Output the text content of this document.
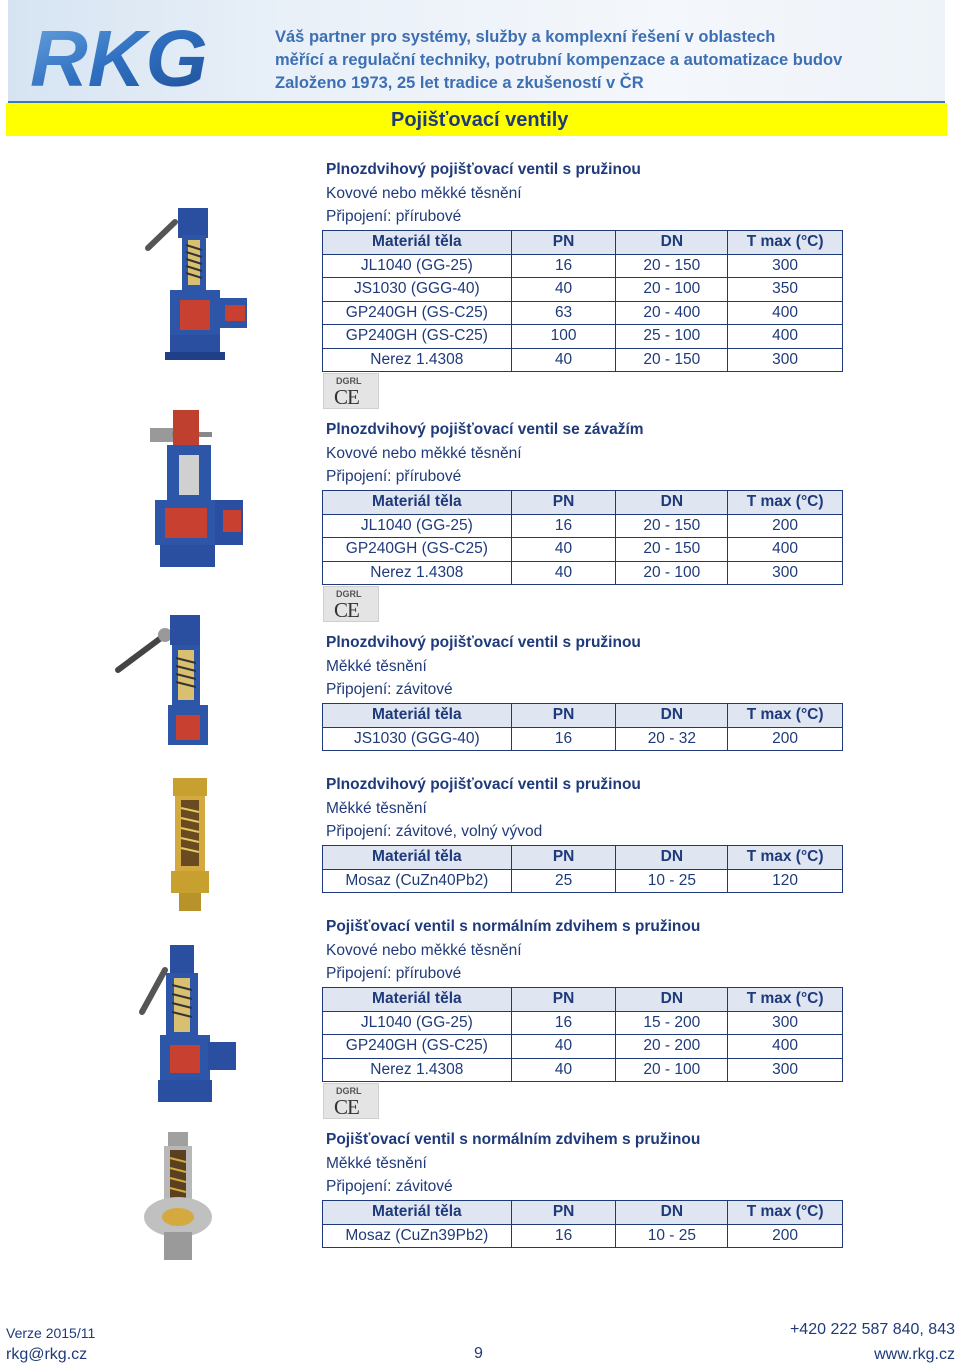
RKG	Váš partner pro systémy, služby a komplexní řešení v oblastech
měřící a regulační techniky, potrubní kompenzace a automatizace budov
Založeno 1973, 25 let tradice a zkušeností v ČR
Pojišťovací ventily
Plnozdvihový pojišťovací ventil s pružinou
Kovové nebo měkké těsnění
Připojení: přírubové
Materiál těla	PN	DN	T max (°C)
JL1040 (GG-25)	16	20 - 150	300
JS1030 (GGG-40)	40	20 - 100	350
GP240GH (GS-C25)	63	20 - 400	400
GP240GH (GS-C25)	100	25 - 100	400
Nerez 1.4308	40	20 - 150	300
DGRL
CE
Plnozdvihový pojišťovací ventil se závažím
Kovové nebo měkké těsnění
Připojení: přírubové
Materiál těla	PN	DN	T max (°C)
JL1040 (GG-25)	16	20 - 150	200
GP240GH (GS-C25)	40	20 - 150	400
Nerez 1.4308	40	20 - 100	300
DGRL
CE
Plnozdvihový pojišťovací ventil s pružinou
Měkké těsnění
Připojení: závitové
Materiál těla	PN	DN	T max (°C)
JS1030 (GGG-40)	16	20 - 32	200
Plnozdvihový pojišťovací ventil s pružinou
Měkké těsnění
Připojení: závitové, volný vývod
Materiál těla	PN	DN	T max (°C)
Mosaz (CuZn40Pb2)	25	10 - 25	120
Pojišťovací ventil s normálním zdvihem s pružinou
Kovové nebo měkké těsnění
Připojení: přírubové
Materiál těla	PN	DN	T max (°C)
JL1040 (GG-25)	16	15 - 200	300
GP240GH (GS-C25)	40	20 - 200	400
Nerez 1.4308	40	20 - 100	300
DGRL
CE
Pojišťovací ventil s normálním zdvihem s pružinou
Měkké těsnění
Připojení: závitové
Materiál těla	PN	DN	T max (°C)
Mosaz (CuZn39Pb2)	16	10 - 25	200
Verze 2015/11
rkg@rkg.cz	9
+420 222 587 840, 843
www.rkg.cz
